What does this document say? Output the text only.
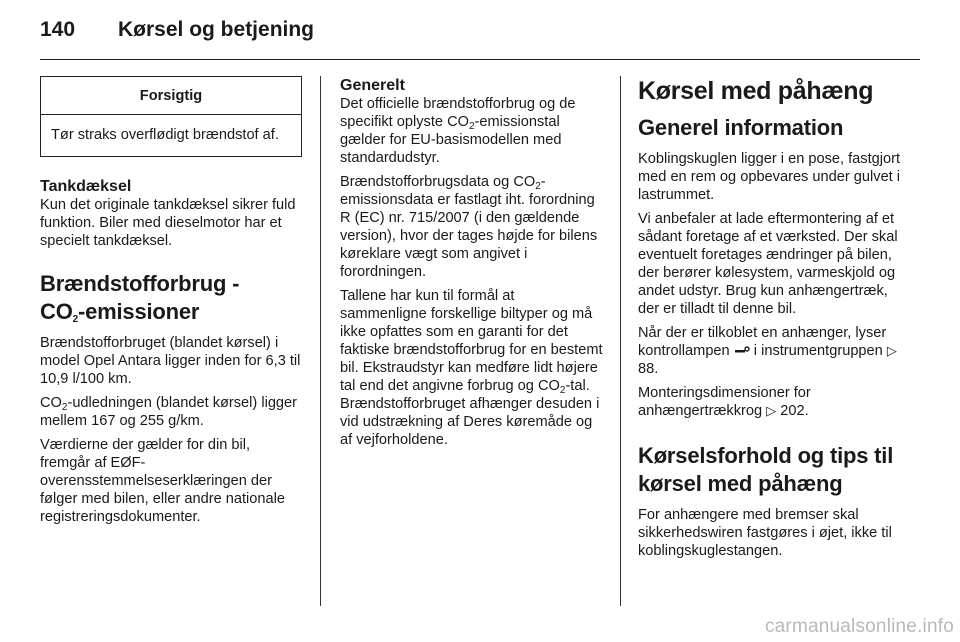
140	Kørsel og betjening
Forsigtig
Tør straks overflødigt brændstof af.
Tankdæksel

Kun det originale tankdæksel sikrer fuld funktion. Biler med dieselmotor har et specielt tankdæksel.

Brændstofforbrug -
$CO_2$-emissioner

Brændstofforbruget (blandet kørsel) i model Opel Antara ligger inden for 6,3 til 10,9 l/100 km.

$CO_2$-udledningen (blandet kørsel) ligger mellem 167 og 255 g/km.

Værdierne der gælder for din bil, fremgår af EØF-overensstemmelseserklæringen der følger med bilen, eller andre nationale registreringsdokumenter.

Generelt

Det officielle brændstofforbrug og de specifikt oplyste $CO_2$-emissionstal gælder for EU-basismodellen med standardudstyr.

Brændstofforbrugsdata og $CO_2$-emissionsdata er fastlagt iht. forordning R (EC) nr. 715/2007 (i den gældende version), hvor der tages højde for bilens køreklare vægt som angivet i forordningen.

Tallene har kun til formål at sammenligne forskellige biltyper og må ikke opfattes som en garanti for det faktiske brændstofforbrug for en bestemt bil. Ekstraudstyr kan medføre lidt højere tal end det angivne forbrug og $CO_2$-tal. Brændstofforbruget afhænger desuden i vid udstrækning af Deres køremåde og af vejforholdene.

Kørsel med påhæng
Generel information

Koblingskuglen ligger i en pose, fastgjort med en rem og opbevares under gulvet i lastrummet.

Vi anbefaler at lade eftermontering af et sådant foretage af et værksted. Der skal eventuelt foretages ændringer på bilen, der berører kølesystem, varmeskjold og andet udstyr. Brug kun anhængertræk, der er tilladt til denne bil.

Når der er tilkoblet en anhænger, lyser kontrollampen i instrumentgruppen ▷ 88.

Monteringsdimensioner for anhængertrækkrog ▷ 202.

Kørselsforhold og tips til
kørsel med påhæng

For anhængere med bremser skal sikkerhedswiren fastgøres i øjet, ikke til koblingskuglestangen.

carmanualsonline.info
